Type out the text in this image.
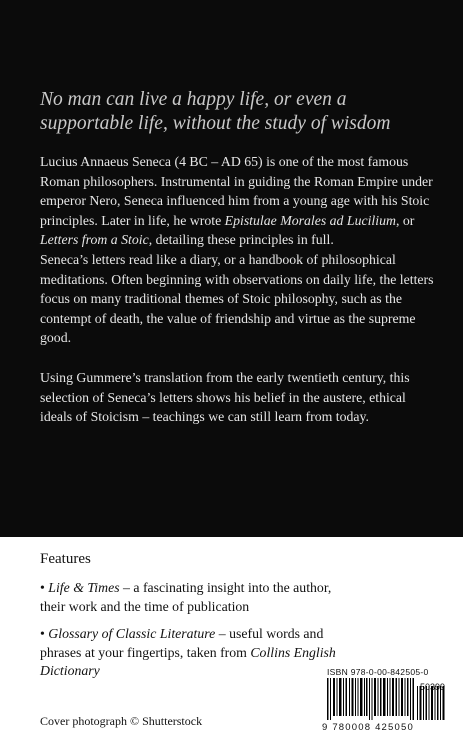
No man can live a happy life, or even a
supportable life, without the study of wisdom
Lucius Annaeus Seneca (4 BC – AD 65) is one of the most famous Roman philosophers. Instrumental in guiding the Roman Empire under emperor Nero, Seneca influenced him from a young age with his Stoic principles. Later in life, he wrote Epistulae Morales ad Lucilium, or Letters from a Stoic, detailing these principles in full.
Seneca’s letters read like a diary, or a handbook of philosophical meditations. Often beginning with observations on daily life, the letters focus on many traditional themes of Stoic philosophy, such as the contempt of death, the value of friendship and virtue as the supreme good.
Using Gummere’s translation from the early twentieth century, this selection of Seneca’s letters shows his belief in the austere, ethical ideals of Stoicism – teachings we can still learn from today.
Features
• Life & Times – a fascinating insight into the author, their work and the time of publication
• Glossary of Classic Literature – useful words and phrases at your fingertips, taken from Collins English Dictionary
Cover photograph © Shutterstock
ISBN 978-0-00-842505-0
9 780008 425050
